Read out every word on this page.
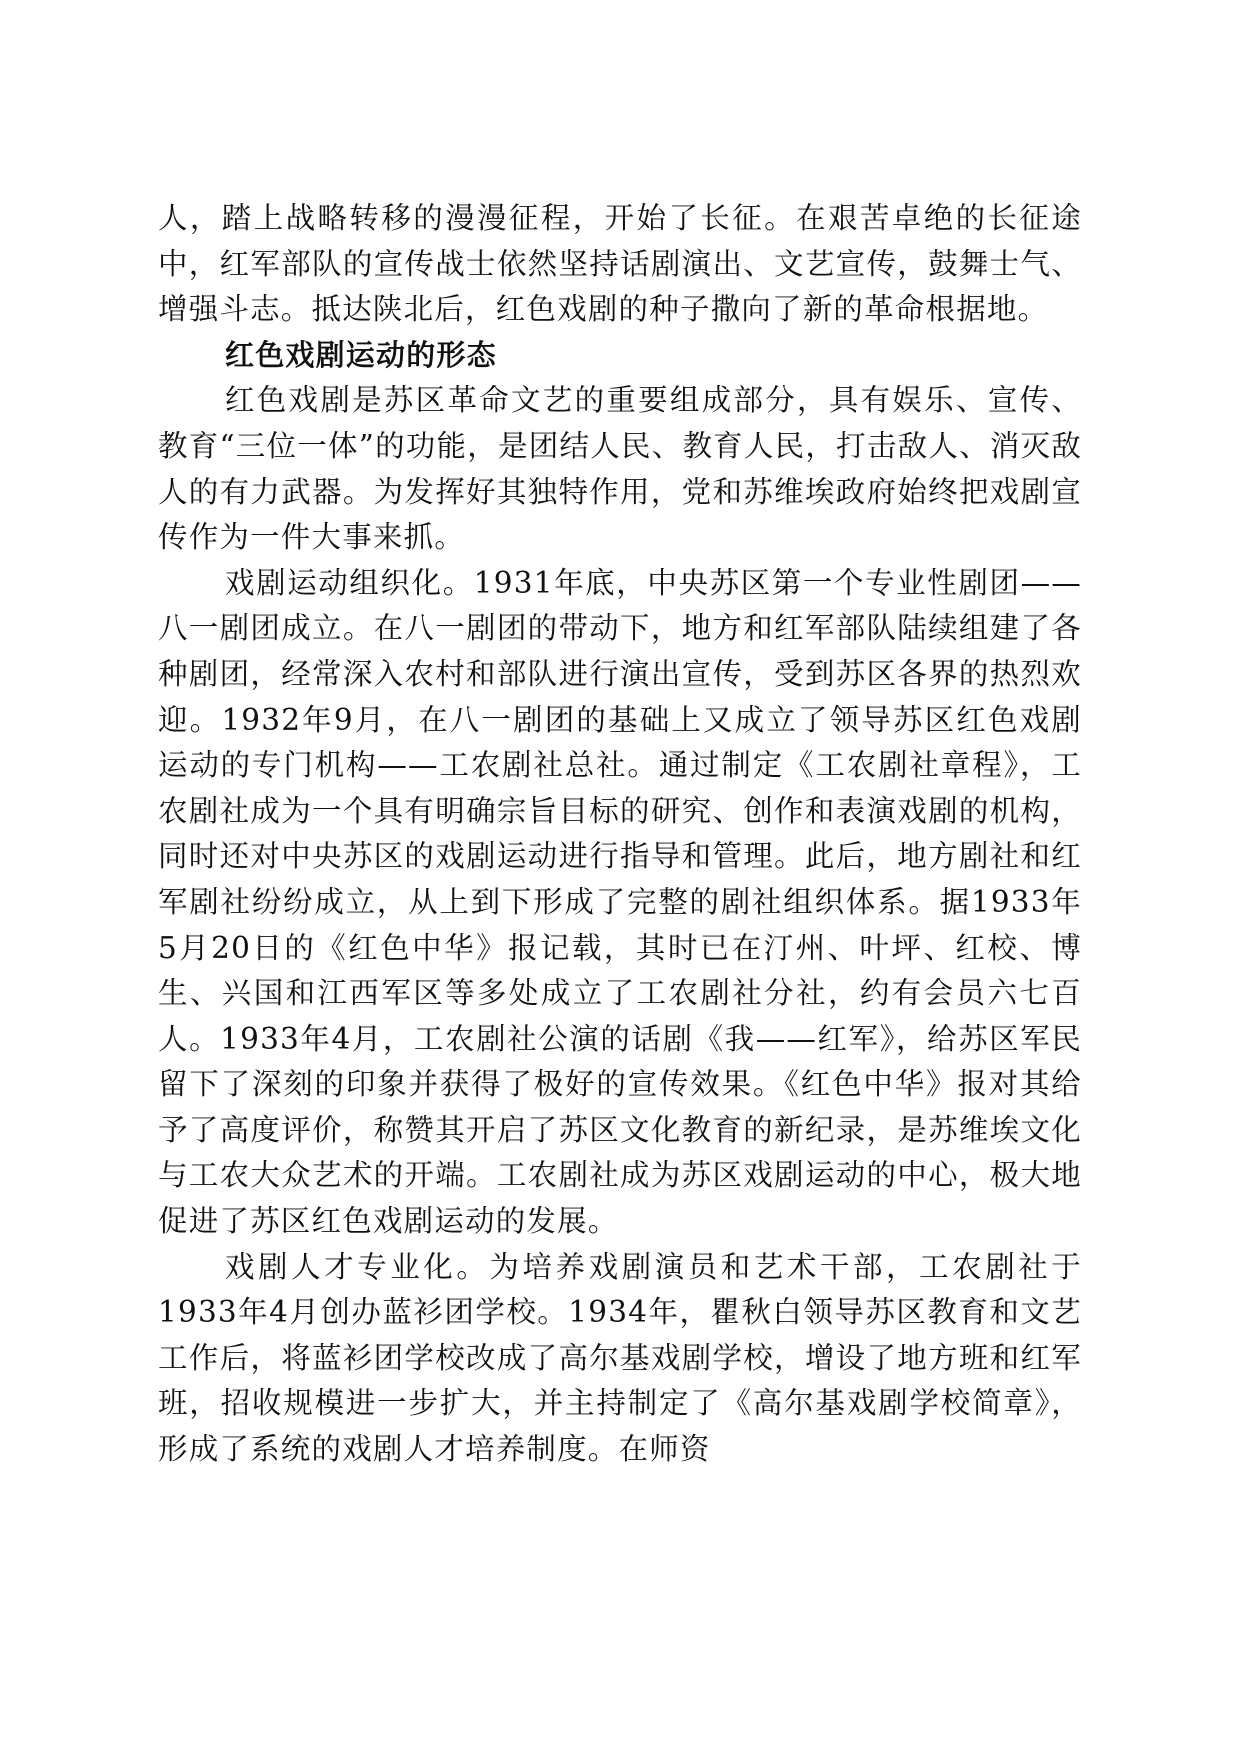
人，踏上战略转移的漫漫征程，开始了长征。在艰苦卓绝的长征途中，红军部队的宣传战士依然坚持话剧演出、文艺宣传，鼓舞士气、增强斗志。抵达陕北后，红色戏剧的种子撒向了新的革命根据地。

红色戏剧运动的形态

红色戏剧是苏区革命文艺的重要组成部分，具有娱乐、宣传、教育“三位一体”的功能，是团结人民、教育人民，打击敌人、消灭敌人的有力武器。为发挥好其独特作用，党和苏维埃政府始终把戏剧宣传作为一件大事来抓。

戏剧运动组织化。1931年底，中央苏区第一个专业性剧团——八一剧团成立。在八一剧团的带动下，地方和红军部队陆续组建了各种剧团，经常深入农村和部队进行演出宣传，受到苏区各界的热烈欢迎。1932年9月，在八一剧团的基础上又成立了领导苏区红色戏剧运动的专门机构——工农剧社总社。通过制定《工农剧社章程》，工农剧社成为一个具有明确宗旨目标的研究、创作和表演戏剧的机构，同时还对中央苏区的戏剧运动进行指导和管理。此后，地方剧社和红军剧社纷纷成立，从上到下形成了完整的剧社组织体系。据1933年5月20日的《红色中华》报记载，其时已在汀州、叶坪、红校、博生、兴国和江西军区等多处成立了工农剧社分社，约有会员六七百人。1933年4月，工农剧社公演的话剧《我——红军》，给苏区军民留下了深刻的印象并获得了极好的宣传效果。《红色中华》报对其给予了高度评价，称赞其开启了苏区文化教育的新纪录，是苏维埃文化与工农大众艺术的开端。工农剧社成为苏区戏剧运动的中心，极大地促进了苏区红色戏剧运动的发展。

戏剧人才专业化。为培养戏剧演员和艺术干部，工农剧社于1933年4月创办蓝衫团学校。1934年，瞿秋白领导苏区教育和文艺工作后，将蓝衫团学校改成了高尔基戏剧学校，增设了地方班和红军班，招收规模进一步扩大，并主持制定了《高尔基戏剧学校简章》，形成了系统的戏剧人才培养制度。在师资
